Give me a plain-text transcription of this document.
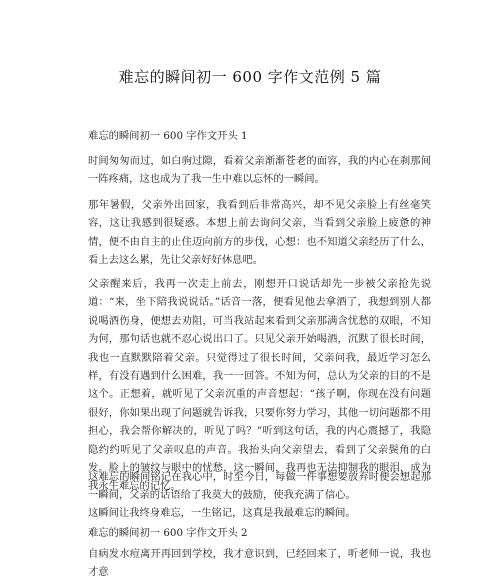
难忘的瞬间初一 600 字作文范例 5 篇

难忘的瞬间初一 600 字作文开头 1

时间匆匆而过，如白驹过隙，看着父亲渐渐苍老的面容，我的内心在刹那间一阵疼痛，这也成为了我一生中难以忘怀的一瞬间。

那年暑假，父亲外出回家，我看到后非常高兴，却不见父亲脸上有丝毫笑容，这让我感到很疑惑。本想上前去询问父亲，当看到父亲脸上疲惫的神情，便不由自主的止住迈向前方的步伐，心想：也不知道父亲经历了什么，看上去这么累，先让父亲好好休息吧。

父亲醒来后，我再一次走上前去，刚想开口说话却先一步被父亲抢先说道：“来，坐下陪我说说话。”话音一落，便看见他去拿酒了，我想到别人都说喝酒伤身，便想去劝阻，可当我站起来看到父亲那满含忧愁的双眼，不知为何，那句话也就不忍心说出口了。只见父亲开始喝酒，沉默了很长时间，我也一直默默陪着父亲。只觉得过了很长时间，父亲问我，最近学习怎么样，有没有遇到什么困难，我一一回答。不知为何，总认为父亲的目的不是这个。正想着，就听见了父亲沉重的声音想起：“孩子啊，你现在没有问题很好，你如果出现了问题就告诉我，只要你努力学习，其他一切问题都不用担心，我会帮你解决的，听见了吗？”听到这句话，我的内心震撼了，我隐隐约约听见了父亲叹息的声音。我抬头向父亲望去，看到了父亲鬓角的白发。脸上的皱纹与眼中的忧愁，这一瞬间，我再也无法抑制我的眼泪，成为我永生难忘的记忆。

这难忘的瞬间铭记在我心中，时至今日，每做一件事想要放弃时便会想起那一瞬间，父亲的话语给了我莫大的鼓励，使我充满了信心。

这瞬间让我终身难忘，一生铭记，这真是我最难忘的瞬间。

难忘的瞬间初一 600 字作文开头 2

自病发水痘离开再回到学校，我才意识到，已经回来了，听老师一说，我也才意
